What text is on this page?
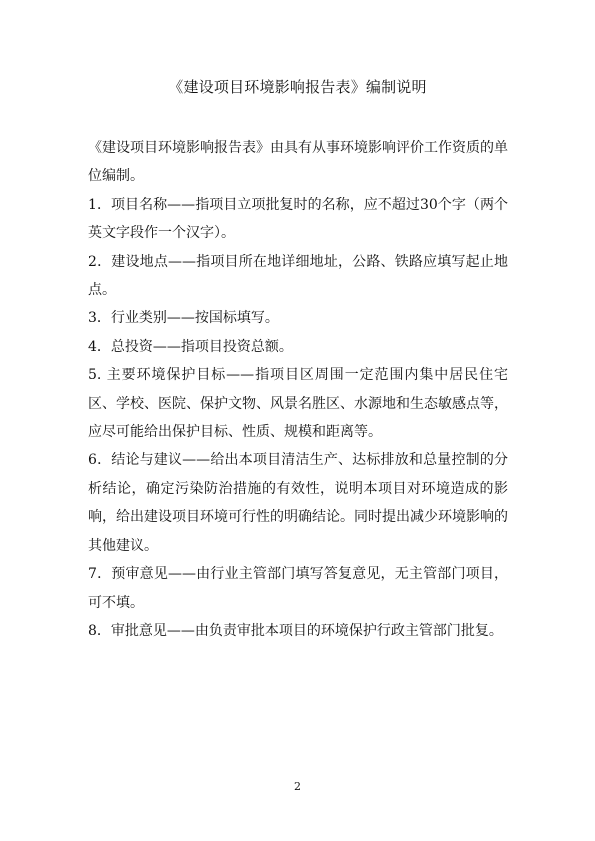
《建设项目环境影响报告表》编制说明

《建设项目环境影响报告表》由具有从事环境影响评价工作资质的单位编制。

1．项目名称——指项目立项批复时的名称，应不超过30个字（两个英文字段作一个汉字）。

2．建设地点——指项目所在地详细地址，公路、铁路应填写起止地点。

3．行业类别——按国标填写。

4．总投资——指项目投资总额。

5. 主要环境保护目标——指项目区周围一定范围内集中居民住宅区、学校、医院、保护文物、风景名胜区、水源地和生态敏感点等，应尽可能给出保护目标、性质、规模和距离等。

6．结论与建议——给出本项目清洁生产、达标排放和总量控制的分析结论，确定污染防治措施的有效性，说明本项目对环境造成的影响，给出建设项目环境可行性的明确结论。同时提出减少环境影响的其他建议。

7．预审意见——由行业主管部门填写答复意见，无主管部门项目，可不填。

8．审批意见——由负责审批本项目的环境保护行政主管部门批复。

2
